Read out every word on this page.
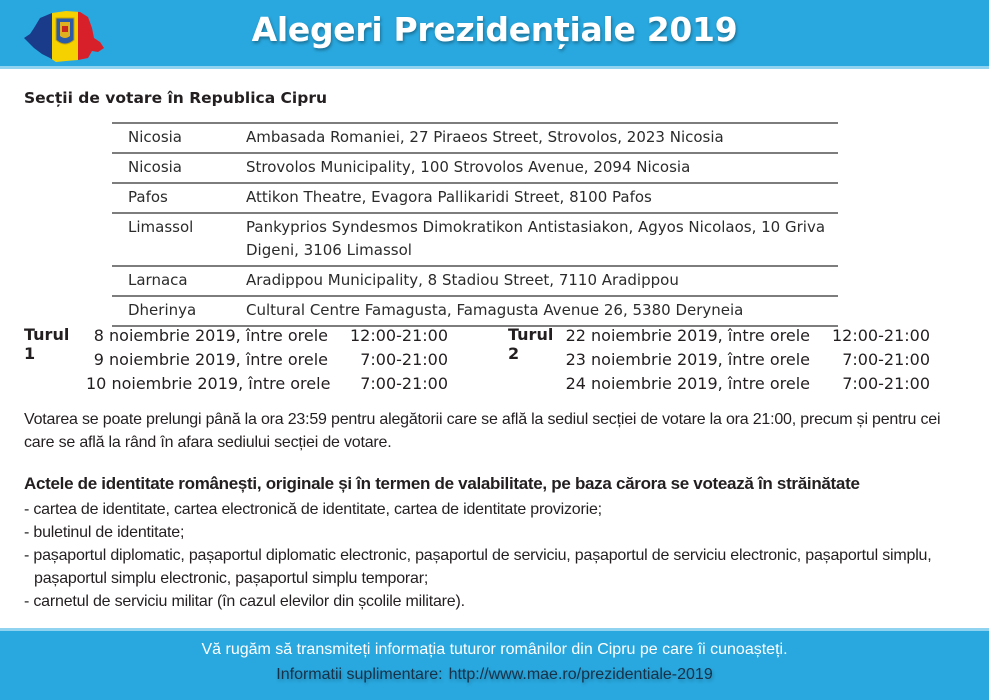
Alegeri Prezidențiale 2019
Secții de votare în Republica Cipru
Nicosia	Ambasada Romaniei, 27 Piraeos Street, Strovolos, 2023 Nicosia
Nicosia	Strovolos Municipality, 100 Strovolos Avenue, 2094 Nicosia
Pafos	Attikon Theatre, Evagora Pallikaridi Street, 8100 Pafos
Limassol	Pankyprios Syndesmos Dimokratikon Antistasiakon, Agyos Nicolaos, 10 Griva Digeni, 3106 Limassol
Larnaca	Aradippou Municipality, 8 Stadiou Street, 7110 Aradippou
Dherinya	Cultural Centre Famagusta, Famagusta Avenue 26, 5380 Deryneia
Turul 1
8 noiembrie 2019, între orele	12:00-21:00
9 noiembrie 2019, între orele	7:00-21:00
10 noiembrie 2019, între orele	7:00-21:00
Turul 2
22 noiembrie 2019, între orele	12:00-21:00
23 noiembrie 2019, între orele	7:00-21:00
24 noiembrie 2019, între orele	7:00-21:00

Votarea se poate prelungi până la ora 23:59 pentru alegătorii care se află la sediul secției de votare la ora 21:00, precum și pentru cei care se află la rând în afara sediului secției de votare.

Actele de identitate românești, originale și în termen de valabilitate, pe baza cărora se votează în străinătate
- cartea de identitate, cartea electronică de identitate, cartea de identitate provizorie;
- buletinul de identitate;
- pașaportul diplomatic, pașaportul diplomatic electronic, pașaportul de serviciu, pașaportul de serviciu electronic, pașaportul simplu, pașaportul simplu electronic, pașaportul simplu temporar;
- carnetul de serviciu militar (în cazul elevilor din școlile militare).
Vă rugăm să transmiteți informația tuturor românilor din Cipru pe care îi cunoașteți.
Informatii suplimentare: http://www.mae.ro/prezidentiale-2019
